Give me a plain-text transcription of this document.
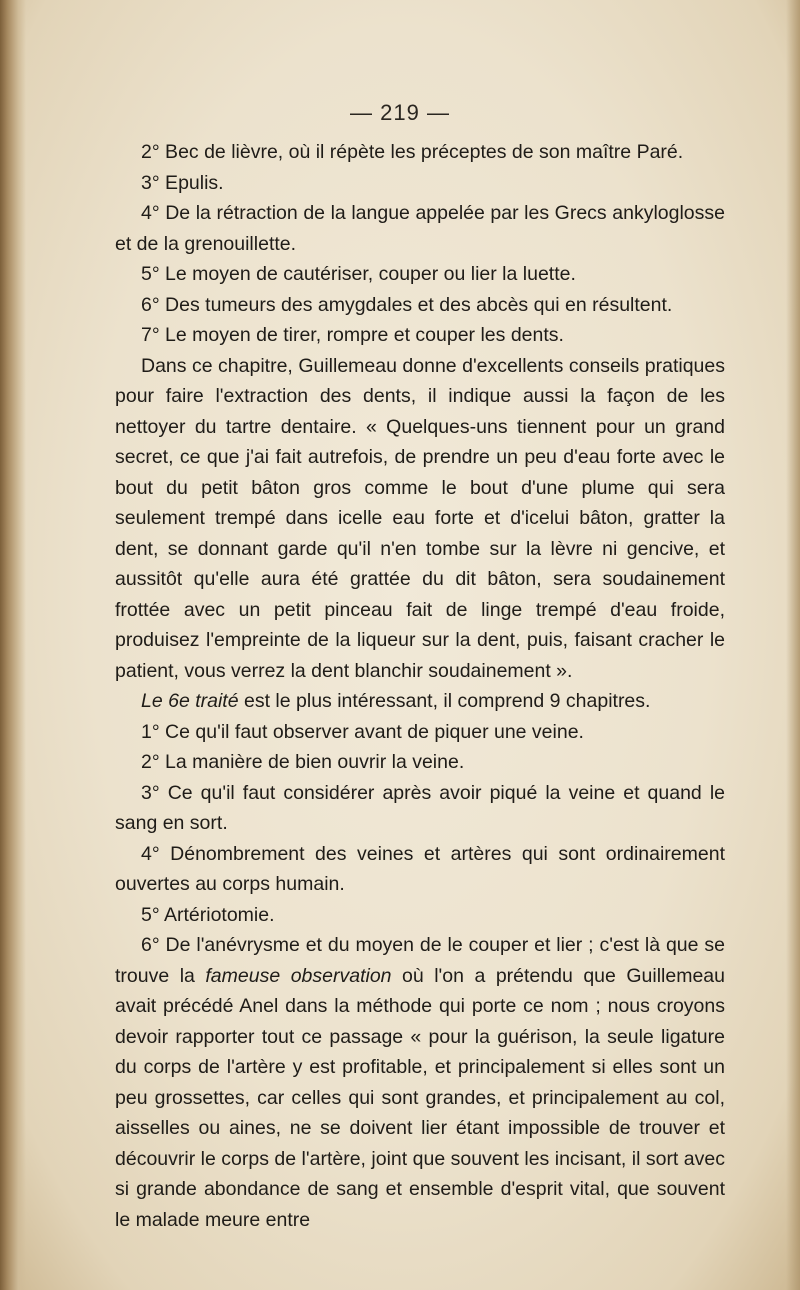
— 219 —

2° Bec de lièvre, où il répète les préceptes de son maître Paré.

3° Epulis.

4° De la rétraction de la langue appelée par les Grecs ankyloglosse et de la grenouillette.

5° Le moyen de cautériser, couper ou lier la luette.

6° Des tumeurs des amygdales et des abcès qui en résultent.

7° Le moyen de tirer, rompre et couper les dents.

Dans ce chapitre, Guillemeau donne d'excellents conseils pratiques pour faire l'extraction des dents, il indique aussi la façon de les nettoyer du tartre dentaire. « Quelques-uns tiennent pour un grand secret, ce que j'ai fait autrefois, de prendre un peu d'eau forte avec le bout du petit bâton gros comme le bout d'une plume qui sera seulement trempé dans icelle eau forte et d'icelui bâton, gratter la dent, se donnant garde qu'il n'en tombe sur la lèvre ni gencive, et aussitôt qu'elle aura été grattée du dit bâton, sera soudainement frottée avec un petit pinceau fait de linge trempé d'eau froide, produisez l'empreinte de la liqueur sur la dent, puis, faisant cracher le patient, vous verrez la dent blanchir soudainement ».

Le 6e traité est le plus intéressant, il comprend 9 chapitres.

1° Ce qu'il faut observer avant de piquer une veine.

2° La manière de bien ouvrir la veine.

3° Ce qu'il faut considérer après avoir piqué la veine et quand le sang en sort.

4° Dénombrement des veines et artères qui sont ordinairement ouvertes au corps humain.

5° Artériotomie.

6° De l'anévrysme et du moyen de le couper et lier ; c'est là que se trouve la fameuse observation où l'on a prétendu que Guillemeau avait précédé Anel dans la méthode qui porte ce nom ; nous croyons devoir rapporter tout ce passage « pour la guérison, la seule ligature du corps de l'artère y est profitable, et principalement si elles sont un peu grossettes, car celles qui sont grandes, et principalement au col, aisselles ou aines, ne se doivent lier étant impossible de trouver et découvrir le corps de l'artère, joint que souvent les incisant, il sort avec si grande abondance de sang et ensemble d'esprit vital, que souvent le malade meure entre
